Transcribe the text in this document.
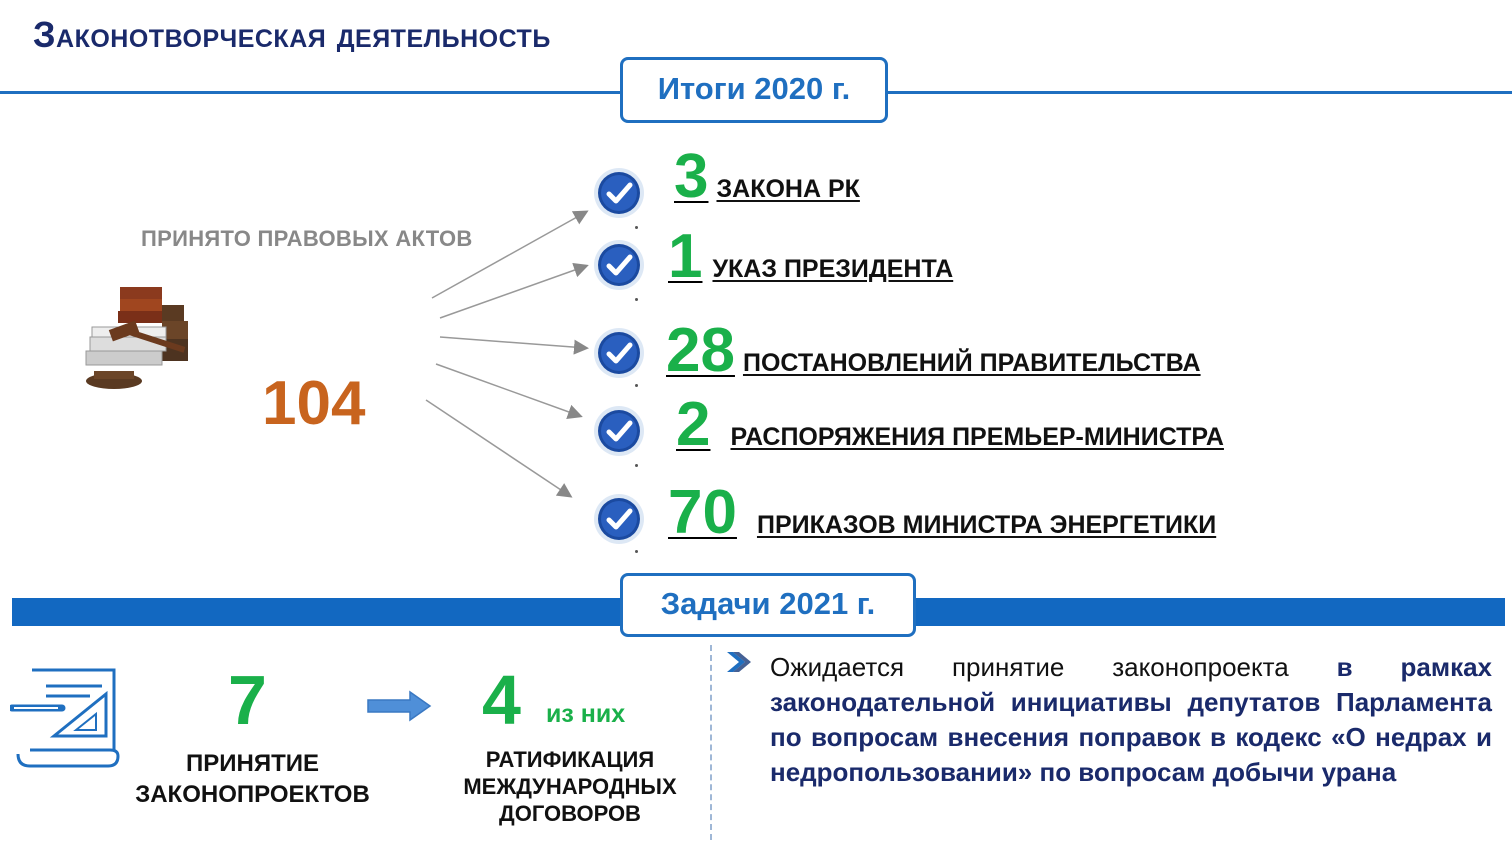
Законотворческая деятельность
Итоги 2020 г.
ПРИНЯТО ПРАВОВЫХ АКТОВ
104
3 ЗАКОНА РК
1 УКАЗ ПРЕЗИДЕНТА
28 ПОСТАНОВЛЕНИЙ ПРАВИТЕЛЬСТВА
2 РАСПОРЯЖЕНИЯ ПРЕМЬЕР-МИНИСТРА
70 ПРИКАЗОВ МИНИСТРА ЭНЕРГЕТИКИ
Задачи 2021 г.
7
ПРИНЯТИЕ ЗАКОНОПРОЕКТОВ
4 из них
РАТИФИКАЦИЯ МЕЖДУНАРОДНЫХ ДОГОВОРОВ
Ожидается принятие законопроекта в рамках законодательной инициативы депутатов Парламента по вопросам внесения поправок в кодекс «О недрах и недропользовании» по вопросам добычи урана
